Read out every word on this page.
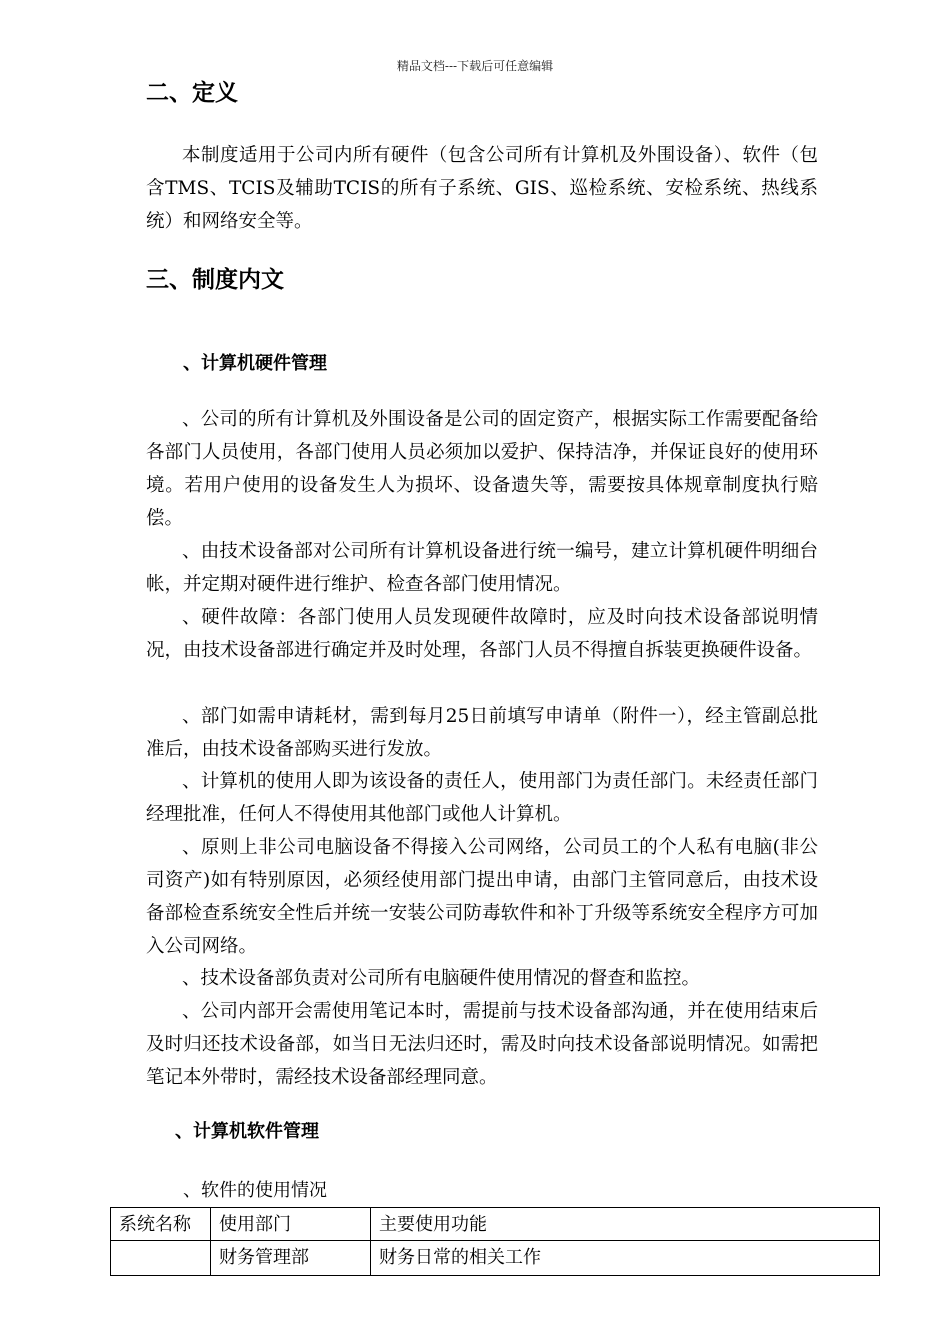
精品文档---下载后可任意编辑
二、定义
本制度适用于公司内所有硬件（包含公司所有计算机及外围设备）、软件（包含TMS、TCIS及辅助TCIS的所有子系统、GIS、巡检系统、安检系统、热线系统）和网络安全等。
三、制度内文
、计算机硬件管理
、公司的所有计算机及外围设备是公司的固定资产，根据实际工作需要配备给各部门人员使用，各部门使用人员必须加以爱护、保持洁净，并保证良好的使用环境。若用户使用的设备发生人为损坏、设备遗失等，需要按具体规章制度执行赔偿。
、由技术设备部对公司所有计算机设备进行统一编号，建立计算机硬件明细台帐，并定期对硬件进行维护、检查各部门使用情况。
、硬件故障：各部门使用人员发现硬件故障时，应及时向技术设备部说明情况，由技术设备部进行确定并及时处理，各部门人员不得擅自拆装更换硬件设备。
、部门如需申请耗材，需到每月25日前填写申请单（附件一），经主管副总批准后，由技术设备部购买进行发放。
、计算机的使用人即为该设备的责任人，使用部门为责任部门。未经责任部门经理批准，任何人不得使用其他部门或他人计算机。
、原则上非公司电脑设备不得接入公司网络，公司员工的个人私有电脑(非公司资产)如有特别原因，必须经使用部门提出申请，由部门主管同意后，由技术设备部检查系统安全性后并统一安装公司防毒软件和补丁升级等系统安全程序方可加入公司网络。
、技术设备部负责对公司所有电脑硬件使用情况的督查和监控。
、公司内部开会需使用笔记本时，需提前与技术设备部沟通，并在使用结束后及时归还技术设备部，如当日无法归还时，需及时向技术设备部说明情况。如需把笔记本外带时，需经技术设备部经理同意。
、计算机软件管理
、软件的使用情况
系统名称	使用部门	主要使用功能
	财务管理部	财务日常的相关工作
